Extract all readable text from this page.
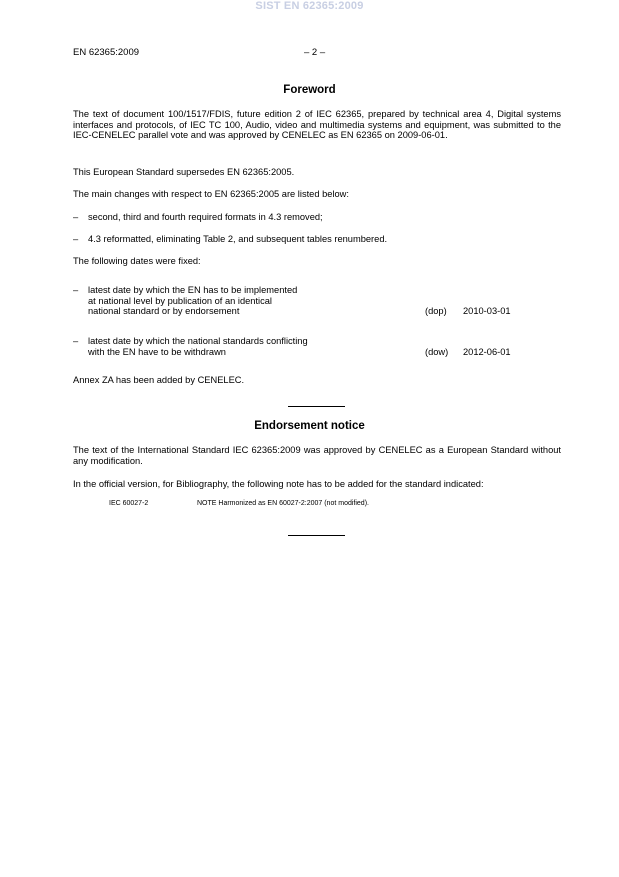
SIST EN 62365:2009
EN 62365:2009	– 2 –
Foreword

The text of document 100/1517/FDIS, future edition 2 of IEC 62365, prepared by technical area 4, Digital systems interfaces and protocols, of IEC TC 100, Audio, video and multimedia systems and equipment, was submitted to the IEC-CENELEC parallel vote and was approved by CENELEC as EN 62365 on 2009-06-01.

This European Standard supersedes EN 62365:2005.

The main changes with respect to EN 62365:2005 are listed below:

– second, third and fourth required formats in 4.3 removed;
– 4.3 reformatted, eliminating Table 2, and subsequent tables renumbered.

The following dates were fixed:

– latest date by which the EN has to be implemented
at national level by publication of an identical
national standard or by endorsement	(dop) 2010-03-01
– latest date by which the national standards conflicting
with the EN have to be withdrawn	(dow) 2012-06-01

Annex ZA has been added by CENELEC.

Endorsement notice

The text of the International Standard IEC 62365:2009 was approved by CENELEC as a European Standard without any modification.

In the official version, for Bibliography, the following note has to be added for the standard indicated:

IEC 60027-2	NOTE Harmonized as EN 60027-2:2007 (not modified).
